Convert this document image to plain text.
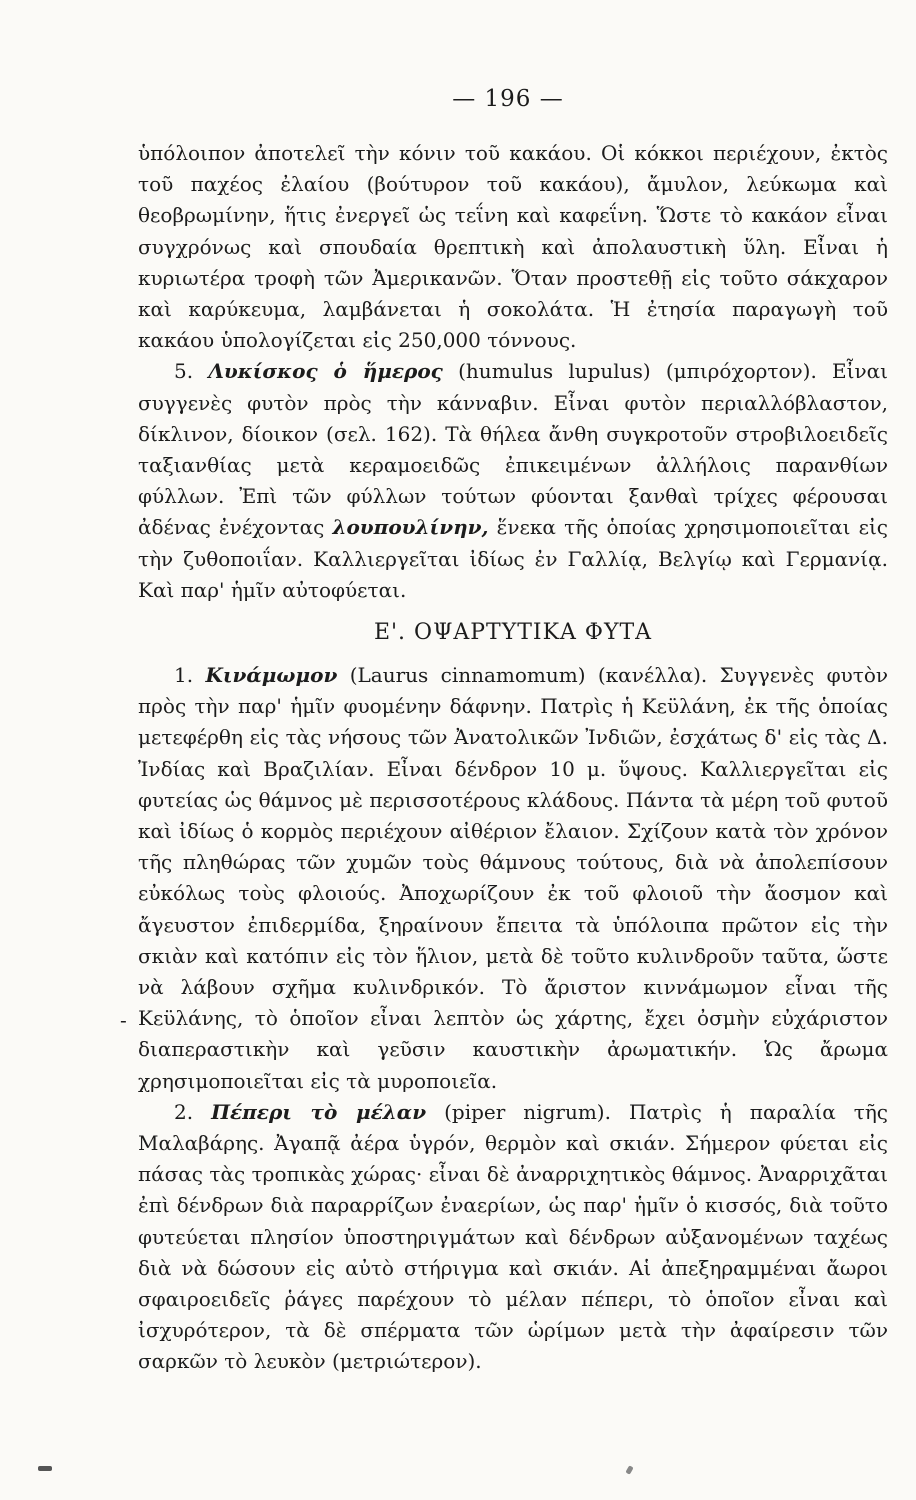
— 196 —

ὑπόλοιπον ἀποτελεῖ τὴν κόνιν τοῦ κακάου. Οἱ κόκκοι περιέχουν, ἐκτὸς τοῦ παχέος ἐλαίου (βούτυρον τοῦ κακάου), ἄμυλον, λεύκωμα καὶ θεοβρωμίνην, ἥτις ἐνεργεῖ ὡς τεΐνη καὶ καφεΐνη. Ὥστε τὸ κακάον εἶναι συγχρόνως καὶ σπουδαία θρεπτικὴ καὶ ἀπολαυστικὴ ὕλη. Εἶναι ἡ κυριωτέρα τροφὴ τῶν Ἀμερικανῶν. Ὅταν προστεθῇ εἰς τοῦτο σάκχαρον καὶ καρύκευμα, λαμβάνεται ἡ σοκολάτα. Ἡ ἐτησία παραγωγὴ τοῦ κακάου ὑπολογίζεται εἰς 250,000 τόννους.

5. Λυκίσκος ὁ ἥμερος (humulus lupulus) (μπιρόχορτον). Εἶναι συγγενὲς φυτὸν πρὸς τὴν κάνναβιν. Εἶναι φυτὸν περιαλλόβλαστον, δίκλινον, δίοικον (σελ. 162). Τὰ θήλεα ἄνθη συγκροτοῦν στροβιλοειδεῖς ταξιανθίας μετὰ κεραμοειδῶς ἐπικειμένων ἀλλήλοις παρανθίων φύλλων. Ἐπὶ τῶν φύλλων τούτων φύονται ξανθαὶ τρίχες φέρουσαι ἀδένας ἐνέχοντας λουπουλίνην, ἕνεκα τῆς ὁποίας χρησιμοποιεῖται εἰς τὴν ζυθοποιΐαν. Καλλιεργεῖται ἰδίως ἐν Γαλλίᾳ, Βελγίῳ καὶ Γερμανίᾳ. Καὶ παρ' ἡμῖν αὐτοφύεται.

Ε'. ΟΨΑΡΤΥΤΙΚΑ ΦΥΤΑ

1. Κινάμωμον (Laurus cinnamomum) (κανέλλα). Συγγενὲς φυτὸν πρὸς τὴν παρ' ἡμῖν φυομένην δάφνην. Πατρὶς ἡ Κεϋλάνη, ἐκ τῆς ὁποίας μετεφέρθη εἰς τὰς νήσους τῶν Ἀνατολικῶν Ἰνδιῶν, ἐσχάτως δ' εἰς τὰς Δ. Ἰνδίας καὶ Βραζιλίαν. Εἶναι δένδρον 10 μ. ὕψους. Καλλιεργεῖται εἰς φυτείας ὡς θάμνος μὲ περισσοτέρους κλάδους. Πάντα τὰ μέρη τοῦ φυτοῦ καὶ ἰδίως ὁ κορμὸς περιέχουν αἰθέριον ἔλαιον. Σχίζουν κατὰ τὸν χρόνον τῆς πληθώρας τῶν χυμῶν τοὺς θάμνους τούτους, διὰ νὰ ἀπολεπίσουν εὐκόλως τοὺς φλοιούς. Ἀποχωρίζουν ἐκ τοῦ φλοιοῦ τὴν ἄοσμον καὶ ἄγευστον ἐπιδερμίδα, ξηραίνουν ἔπειτα τὰ ὑπόλοιπα πρῶτον εἰς τὴν σκιὰν καὶ κατόπιν εἰς τὸν ἥλιον, μετὰ δὲ τοῦτο κυλινδροῦν ταῦτα, ὥστε νὰ λάβουν σχῆμα κυλινδρικόν. Τὸ ἄριστον κιννάμωμον εἶναι τῆς Κεϋλάνης, τὸ ὁποῖον εἶναι λεπτὸν ὡς χάρτης, ἔχει ὀσμὴν εὐχάριστον διαπεραστικὴν καὶ γεῦσιν καυστικὴν ἀρωματικήν. Ὡς ἄρωμα χρησιμοποιεῖται εἰς τὰ μυροποιεῖα.

2. Πέπερι τὸ μέλαν (piper nigrum). Πατρὶς ἡ παραλία τῆς Μαλαβάρης. Ἀγαπᾷ ἀέρα ὑγρόν, θερμὸν καὶ σκιάν. Σήμερον φύεται εἰς πάσας τὰς τροπικὰς χώρας· εἶναι δὲ ἀναρριχητικὸς θάμνος. Ἀναρριχᾶται ἐπὶ δένδρων διὰ παραρρίζων ἐναερίων, ὡς παρ' ἡμῖν ὁ κισσός, διὰ τοῦτο φυτεύεται πλησίον ὑποστηριγμάτων καὶ δένδρων αὐξανομένων ταχέως διὰ νὰ δώσουν εἰς αὐτὸ στήριγμα καὶ σκιάν. Αἱ ἀπεξηραμμέναι ἄωροι σφαιροειδεῖς ῥάγες παρέχουν τὸ μέλαν πέπερι, τὸ ὁποῖον εἶναι καὶ ἰσχυρότερον, τὰ δὲ σπέρματα τῶν ὡρίμων μετὰ τὴν ἀφαίρεσιν τῶν σαρκῶν τὸ λευκὸν (μετριώτερον).

-
